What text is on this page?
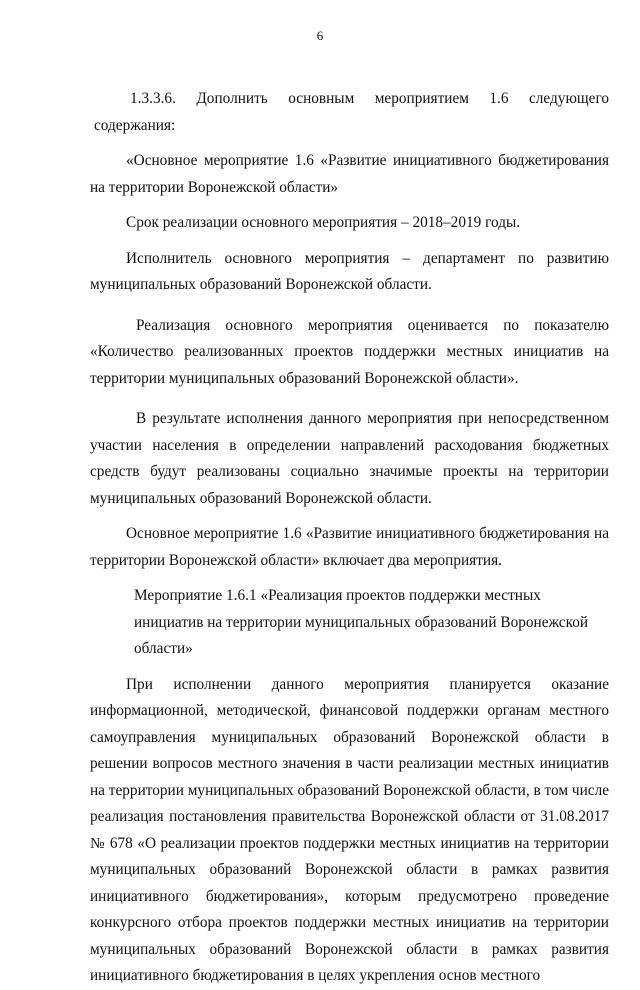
6

1.3.3.6. Дополнить основным мероприятием 1.6 следующего содержания:

«Основное мероприятие 1.6 «Развитие инициативного бюджетирования на территории Воронежской области»

Срок реализации основного мероприятия – 2018–2019 годы.

Исполнитель основного мероприятия – департамент по развитию муниципальных образований Воронежской области.

Реализация основного мероприятия оценивается по показателю «Количество реализованных проектов поддержки местных инициатив на территории муниципальных образований Воронежской области».

В результате исполнения данного мероприятия при непосредственном участии населения в определении направлений расходования бюджетных средств будут реализованы социально значимые проекты на территории муниципальных образований Воронежской области.

Основное мероприятие 1.6 «Развитие инициативного бюджетирования на территории Воронежской области» включает два мероприятия.

Мероприятие 1.6.1 «Реализация проектов поддержки местных инициатив на территории муниципальных образований Воронежской области»

При исполнении данного мероприятия планируется оказание информационной, методической, финансовой поддержки органам местного самоуправления муниципальных образований Воронежской области в решении вопросов местного значения в части реализации местных инициатив на территории муниципальных образований Воронежской области, в том числе реализация постановления правительства Воронежской области от 31.08.2017 № 678 «О реализации проектов поддержки местных инициатив на территории муниципальных образований Воронежской области в рамках развития инициативного бюджетирования», которым предусмотрено проведение конкурсного отбора проектов поддержки местных инициатив на территории муниципальных образований Воронежской области в рамках развития инициативного бюджетирования в целях укрепления основ местного
